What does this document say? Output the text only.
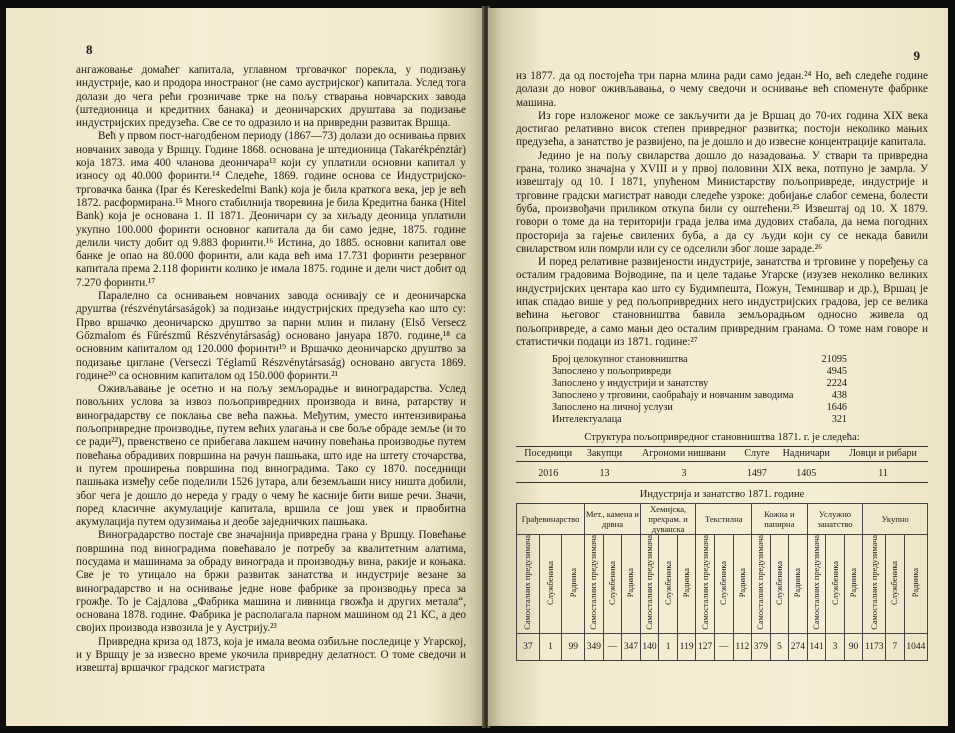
8

ангажовање домаћег капитала, углавном трговачког порекла, у подизању индустрије, као и продора иностраног (не само аустријског) капитала. Услед тога долази до чега рећи грозничаве трке на пољу стварања новчарских завода (штедионица и кредитних банака) и деоничарских друштава за подизање индустријских предузећа. Све се то одразило и на привредни развитак Вршца.

Већ у првом пост-нагодбеном периоду (1867—73) долази до оснивања првих новчаних завода у Вршцу. Године 1868. основана је штедионица (Takarékpénztár) која 1873. има 400 чланова деоничара¹³ који су уплатили основни капитал у износу од 40.000 форинти.¹⁴ Следеће, 1869. године основа се Индустријско-трговачка банка (Ipar és Kereskedelmi Bank) која је била краткога века, јер је већ 1872. расформирана.¹⁵ Много стабилнија творевина је била Кредитна банка (Hitel Bank) која је основана 1. II 1871. Деоничари су за хиљаду деоница уплатили укупно 100.000 форинти основног капитала да би само једне, 1875. године делили чисту добит од 9.883 форинти.¹⁶ Истина, до 1885. основни капитал ове банке је опао на 80.000 форинти, али када већ има 17.731 форинти резервног капитала према 2.118 форинти колико је имала 1875. године и дели чист добит од 7.270 форинти.¹⁷

Паралелно са оснивањем новчаних завода оснивају се и деоничарска друштва (részvénytársaságok) за подизање индустријских предузећа као што су: Прво вршачко деоничарско друштво за парни млин и пилану (Első Versecz Gőzmalom és Fűrészmű Részvénytársaság) основано јануара 1870. године,¹⁸ са основним капиталом од 120.000 форинти¹⁹ и Вршачко деоничарско друштво за подизање циглане (Verseczi Téglamű Részvénytársaság) основано августа 1869. године²⁰ са основним капиталом од 150.000 форинти.²¹

Оживљавање је осетно и на пољу земљорадње и виноградарства. Услед повољних услова за извоз пољопривредних производа и вина, ратарству и виноградарству се поклања све већа пажња. Међутим, уместо интензивирања пољопривредне производње, путем већих улагања и све боље обраде земље (и то се ради²²), првенствено се прибегава лакшем начину повећања производње путем повећања обрадивих површина на рачун пашњака, што иде на штету сточарства, и путем проширења површина под виноградима. Тако су 1870. поседници пашњака између себе поделили 1526 јутара, али беземљаши нису ништа добили, због чега је дошло до нереда у граду о чему ће касније бити више речи. Значи, поред класичне акумулације капитала, вршила се још увек и првобитна акумулација путем одузимања и деобе заједничких пашњака.

Виноградарство постаје све значајнија привредна грана у Вршцу. Повећање површина под виноградима повећавало је потребу за квалитетним алатима, посудама и машинама за обраду винограда и производњу вина, ракије и коњака. Све је то утицало на бржи развитак занатства и индустрије везане за виноградарство и на оснивање једне нове фабрике за производњу преса за грожђе. То је Сајдлова „Фабрика машина и ливница гвожђа и других метала“, основана 1878. године. Фабрика је располагала парном машином од 21 КС, а део својих производа извозила је у Аустрију.²³

Привредна криза од 1873, која је имала веома озбиљне последице у Угарској, и у Вршцу је за извесно време укочила привредну делатност. О томе сведочи и извештај вршачког градског магистрата

9

из 1877. да од постојећа три парна млина ради само један.²⁴ Но, већ следеће године долази до новог оживљавања, о чему сведочи и оснивање већ споменуте фабрике машина.

Из горе изложеног може се закључити да је Вршац до 70-их година XIX века достигао релативно висок степен привредног развитка; постоји неколико мањих предузећа, а занатство је развијено, па је дошло и до извесне концентрације капитала.

Једино је на пољу свиларства дошло до назадовања. У ствари та привредна грана, толико значајна у XVIII и у првој половини XIX века, потпуно је замрла. У извештају од 10. I 1871, упућеном Министарству пољопривреде, индустрије и трговине градски магистрат наводи следеће узроке: добијање слабог семена, болести буба, произвођачи приликом откупа били су оштећени.²⁵ Извештај од 10. X 1879. говори о томе да на територији града јелва има дудових стабала, да нема погодних просторија за гајење свилених буба, а да су људи који су се некада бавили свиларством или помрли или су се одселили због лоше зараде.²⁶

И поред релативне развијености индустрије, занатства и трговине у поређењу са осталим градовима Војводине, па и целе тадање Угарске (изузев неколико великих индустријских центара као што су Будимпешта, Пожун, Темишвар и др.), Вршац је ипак спадао више у ред пољопривредних него индустријских градова, јер се велика већина његовог становништва бавила земљорадњом односно живела од пољопривреде, а само мањи део осталим привредним гранама. О томе нам говоре и статистички подаци из 1871. године:²⁷

Број целокупног становништва	21095
Запослено у пољопривреди	4945
Запослено у индустрији и занатству	2224
Запослено у трговини, саобраћају и новчаним заводима	438
Запослено на личној услузи	1646
Интелектуалаца	321
Структура пољопривредног становништва 1871. г. је следећа:
Поседници	Закупци	Агрономи нишвани	Слуге	Надничари	Ловци и рибари
2016	13	3	1497	1405	11
Индустрија и занатство 1871. године
Грађевинарство			Мет., каменa и дрвна			Хемијска, прехрам. и дуванска			Текстилна			Кожна и папирна			Услужно занатство			Укупно		
Самосталних предузимача	Службеника	Радника	Самосталних предузимача	Службеника	Радника	Самосталних предузимача	Службеника	Радника	Самосталних предузимача	Службеника	Радника	Самосталних предузимача	Службеника	Радника	Самосталних предузимача	Службеника	Радника	Самосталних предузимача	Службеника	Радника
37	1	99	349	—	347	140	1	119	127	—	112	379	5	274	141	3	90	1173	7	1044
